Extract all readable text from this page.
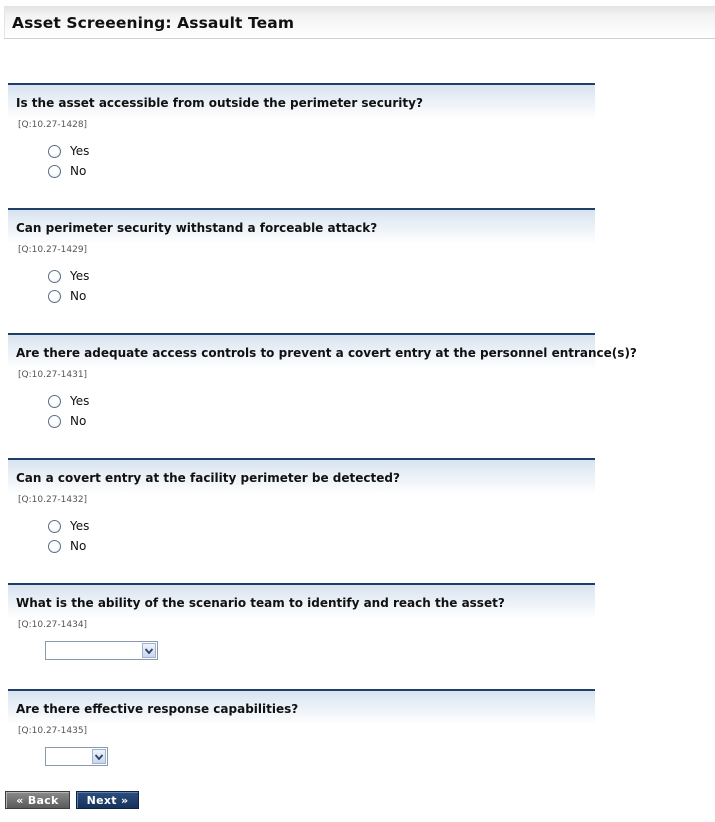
Asset Screeening: Assault Team
Is the asset accessible from outside the perimeter security?
[Q:10.27-1428]
Yes
No
Can perimeter security withstand a forceable attack?
[Q:10.27-1429]
Yes
No
Are there adequate access controls to prevent a covert entry at the personnel entrance(s)?
[Q:10.27-1431]
Yes
No
Can a covert entry at the facility perimeter be detected?
[Q:10.27-1432]
Yes
No
What is the ability of the scenario team to identify and reach the asset?
[Q:10.27-1434]
Are there effective response capabilities?
[Q:10.27-1435]
« Back	Next »
